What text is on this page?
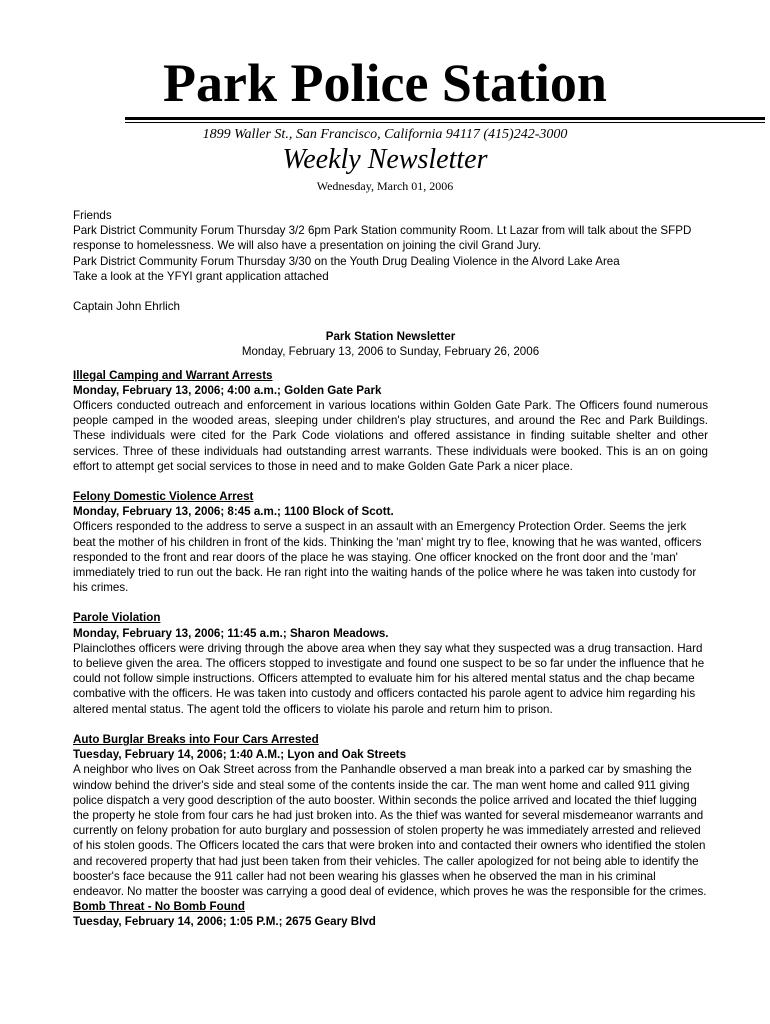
Park Police Station
1899 Waller St., San Francisco, California 94117 (415)242-3000
Weekly Newsletter
Wednesday, March 01, 2006

Friends

Park District Community Forum Thursday 3/2 6pm Park Station community Room. Lt Lazar from will talk about the SFPD response to homelessness. We will also have a presentation on joining the civil Grand Jury.

Park District Community Forum Thursday 3/30 on the Youth Drug Dealing Violence in the Alvord Lake Area

Take a look at the YFYI grant application attached

Captain John Ehrlich

Park Station Newsletter

Monday, February 13, 2006 to Sunday, February 26, 2006

Illegal Camping and Warrant Arrests

Monday, February 13, 2006; 4:00 a.m.; Golden Gate Park

Officers conducted outreach and enforcement in various locations within Golden Gate Park. The Officers found numerous people camped in the wooded areas, sleeping under children's play structures, and around the Rec and Park Buildings. These individuals were cited for the Park Code violations and offered assistance in finding suitable shelter and other services. Three of these individuals had outstanding arrest warrants. These individuals were booked. This is an on going effort to attempt get social services to those in need and to make Golden Gate Park a nicer place.

Felony Domestic Violence Arrest

Monday, February 13, 2006; 8:45 a.m.; 1100 Block of Scott.

Officers responded to the address to serve a suspect in an assault with an Emergency Protection Order. Seems the jerk beat the mother of his children in front of the kids. Thinking the 'man' might try to flee, knowing that he was wanted, officers responded to the front and rear doors of the place he was staying. One officer knocked on the front door and the 'man' immediately tried to run out the back. He ran right into the waiting hands of the police where he was taken into custody for his crimes.

Parole Violation

Monday, February 13, 2006; 11:45 a.m.; Sharon Meadows.

Plainclothes officers were driving through the above area when they say what they suspected was a drug transaction. Hard to believe given the area. The officers stopped to investigate and found one suspect to be so far under the influence that he could not follow simple instructions. Officers attempted to evaluate him for his altered mental status and the chap became combative with the officers. He was taken into custody and officers contacted his parole agent to advice him regarding his altered mental status. The agent told the officers to violate his parole and return him to prison.

Auto Burglar Breaks into Four Cars Arrested

Tuesday, February 14, 2006; 1:40 A.M.; Lyon and Oak Streets

A neighbor who lives on Oak Street across from the Panhandle observed a man break into a parked car by smashing the window behind the driver's side and steal some of the contents inside the car. The man went home and called 911 giving police dispatch a very good description of the auto booster. Within seconds the police arrived and located the thief lugging the property he stole from four cars he had just broken into. As the thief was wanted for several misdemeanor warrants and currently on felony probation for auto burglary and possession of stolen property he was immediately arrested and relieved of his stolen goods. The Officers located the cars that were broken into and contacted their owners who identified the stolen and recovered property that had just been taken from their vehicles. The caller apologized for not being able to identify the booster's face because the 911 caller had not been wearing his glasses when he observed the man in his criminal endeavor. No matter the booster was carrying a good deal of evidence, which proves he was the responsible for the crimes.

Bomb Threat - No Bomb Found

Tuesday, February 14, 2006; 1:05 P.M.; 2675 Geary Blvd
